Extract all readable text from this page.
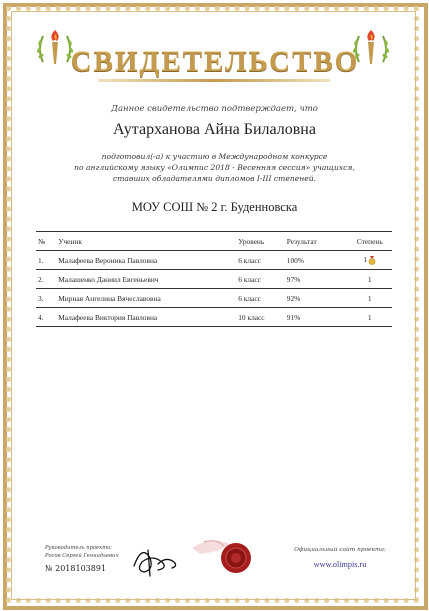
СВИДЕТЕЛЬСТВО
Данное свидетельство подтверждает, что
Аутарханова Айна Билаловна
подготовил(-а) к участию в Международном конкурсе
по английскому языку «Олимпис 2018 - Весенняя сессия» учащихся,
ставших обладателями дипломов I-III степеней.
МОУ СОШ № 2 г. Буденновска
№	Ученик	Уровень	Результат	Степень
1.	Малафеева Вероника Павловна	6 класс	100%	1
2.	Малашенко Даниил Евгеньевич	6 класс	97%	1
3.	Мирная Ангелина Вячеславовна	6 класс	92%	1
4.	Малафеева Виктория Павловна	10 класс	91%	1
Руководитель проекта:
Росов Сергей Геннадьевич
№ 2018103891
Официальный сайт проекта:
www.olimpis.ru
